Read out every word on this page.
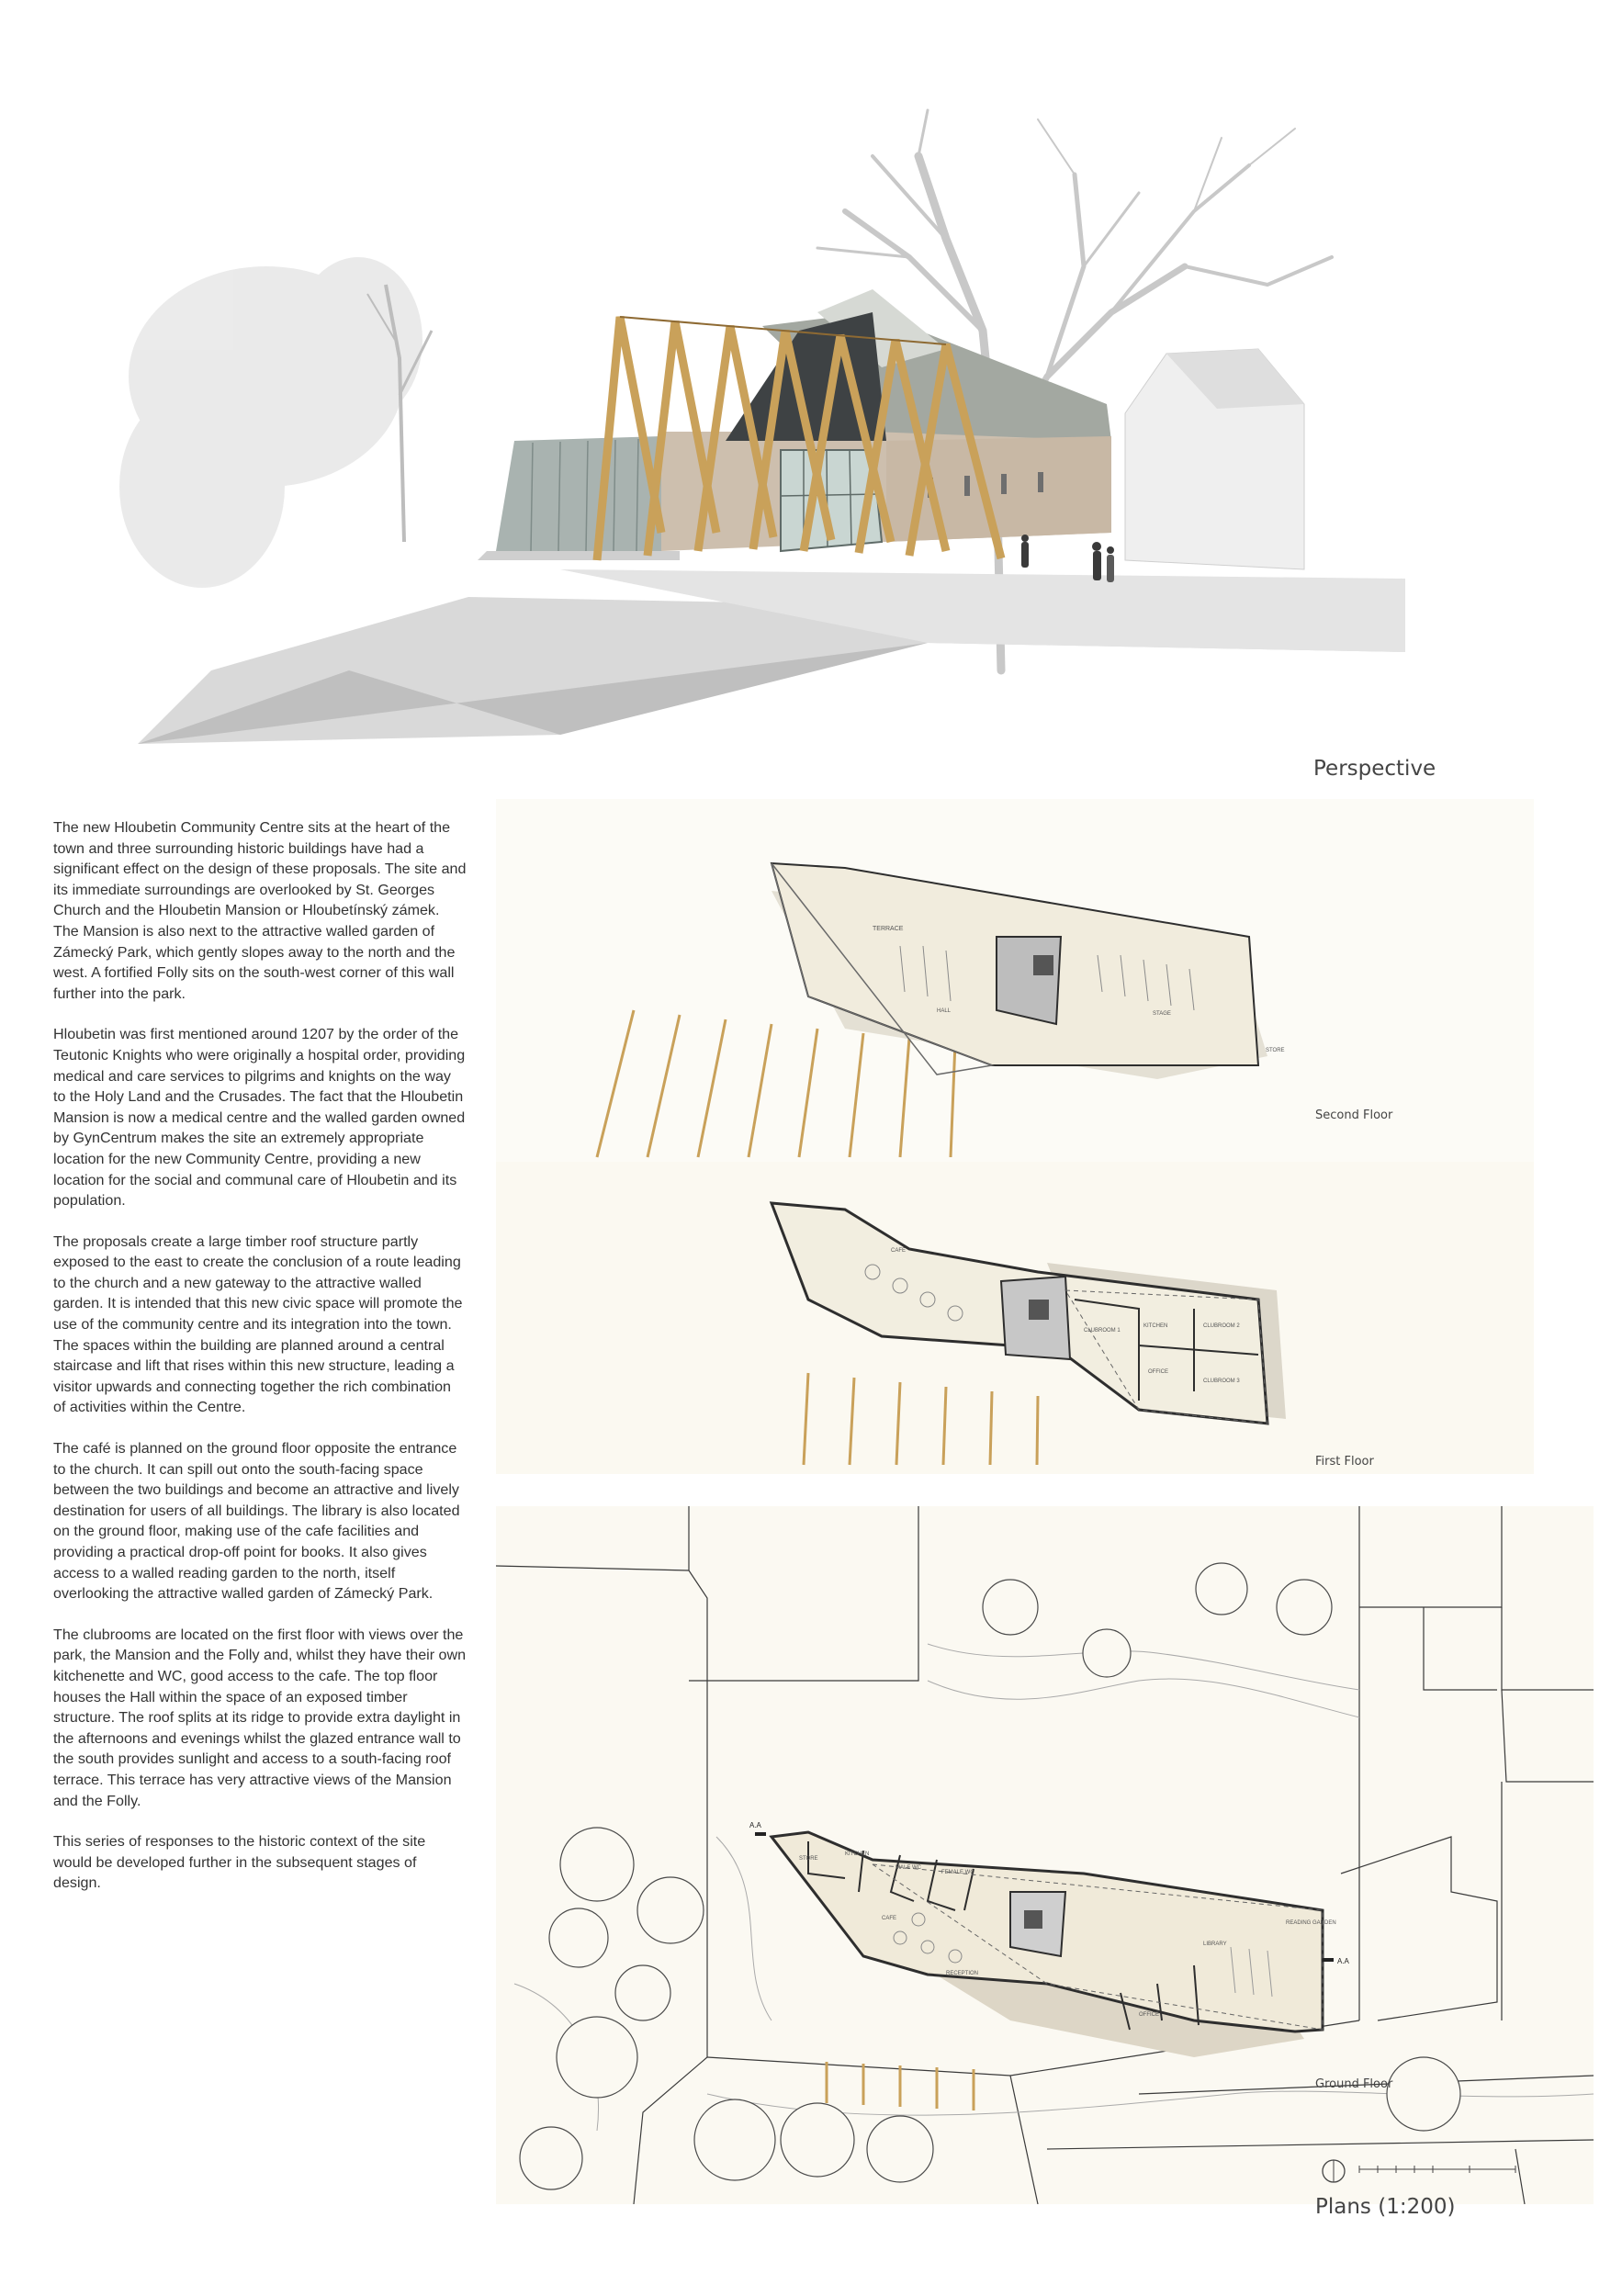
Perspective

The new Hloubetin Community Centre sits at the heart of the town and three surrounding historic buildings have had a significant effect on the design of these proposals. The site and its immediate surroundings are overlooked by St. Georges Church and the Hloubetin Mansion or Hloubetínský zámek. The Mansion is also next to the attractive walled garden of Zámecký Park, which gently slopes away to the north and the west. A fortified Folly sits on the south-west corner of this wall further into the park.

Hloubetin was first mentioned around 1207 by the order of the Teutonic Knights who were originally a hospital order, providing medical and care services to pilgrims and knights on the way to the Holy Land and the Crusades. The fact that the Hloubetin Mansion is now a medical centre and the walled garden owned by GynCentrum makes the site an extremely appropriate location for the new Community Centre, providing a new location for the social and communal care of Hloubetin and its population.

The proposals create a large timber roof structure partly exposed to the east to create the conclusion of a route leading to the church and a new gateway to the attractive walled garden. It is intended that this new civic space will promote the use of the community centre and its integration into the town. The spaces within the building are planned around a central staircase and lift that rises within this new structure, leading a visitor upwards and connecting together the rich combination of activities within the Centre.

The café is planned on the ground floor opposite the entrance to the church. It can spill out onto the south-facing space between the two buildings and become an attractive and lively destination for users of all buildings. The library is also located on the ground floor, making use of the cafe facilities and providing a practical drop-off point for books. It also gives access to a walled reading garden to the north, itself overlooking the attractive walled garden of Zámecký Park.

The clubrooms are located on the first floor with views over the park, the Mansion and the Folly and, whilst they have their own kitchenette and WC, good access to the cafe. The top floor houses the Hall within the space of an exposed timber structure. The roof splits at its ridge to provide extra daylight in the afternoons and evenings whilst the glazed entrance wall to the south provides sunlight and access to a south-facing roof terrace. This terrace has very attractive views of the Mansion and the Folly.

This series of responses to the historic context of the site would be developed further in the subsequent stages of design.

TERRACE
HALL	STAGE
STORE
Second Floor
CAFE
CLUBROOM 1
KITCHEN	CLUBROOM 2
CLUBROOM 3
OFFICE
First Floor
STORE
KITCHEN
MALE WC
FEMALE WC
CAFE
RECEPTION
LIBRARY
READING GARDEN
OFFICE
A.A
A.A
Ground Floor
Plans (1:200)
